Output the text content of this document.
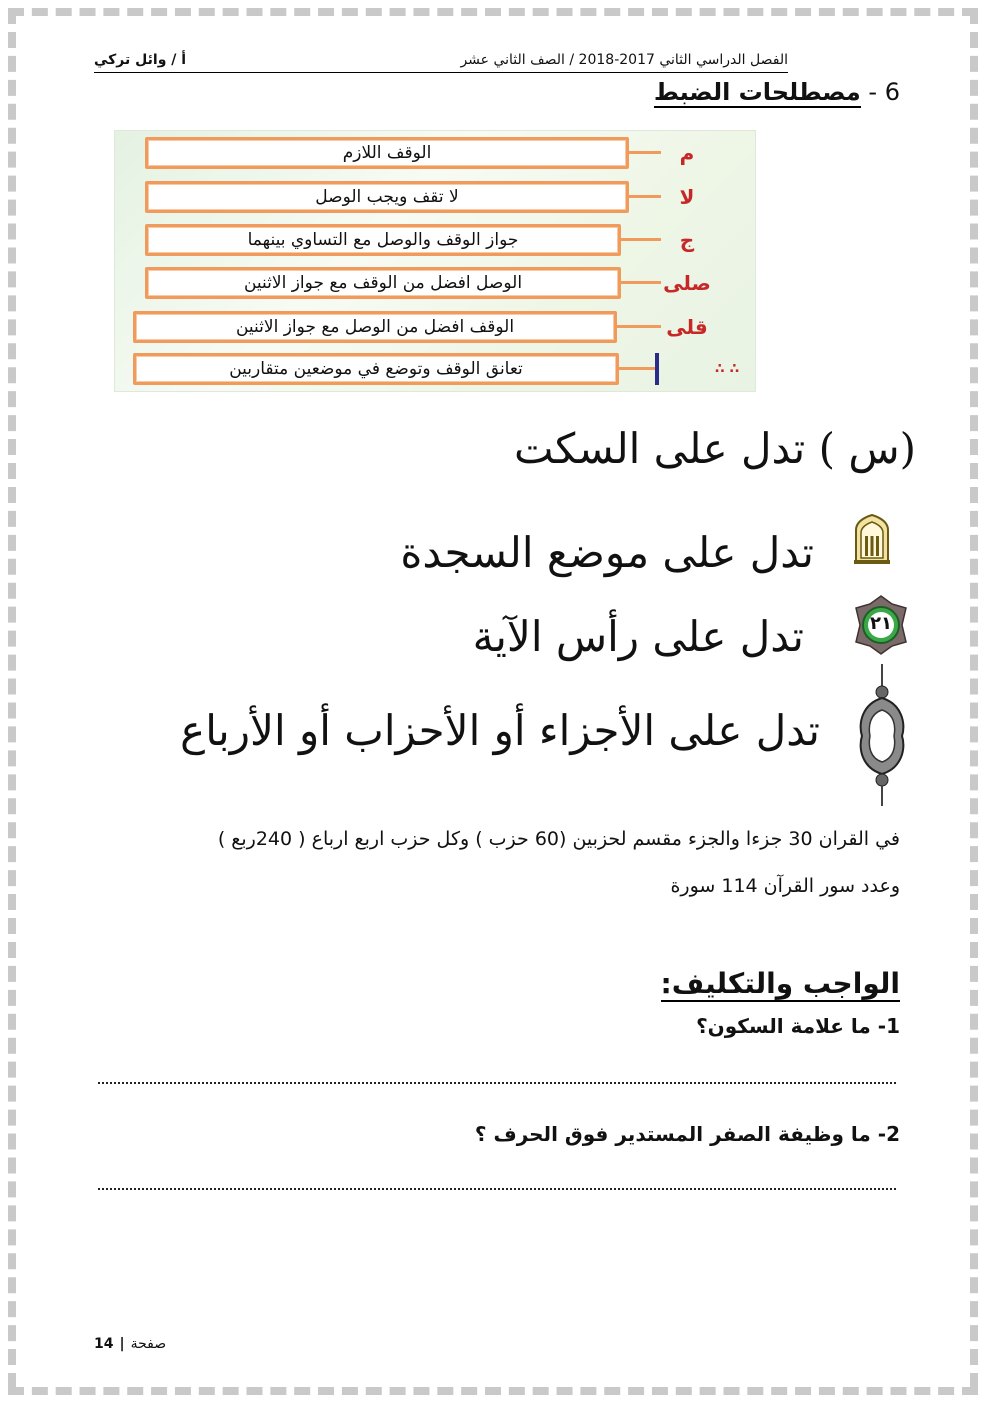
الفصل الدراسي الثاني 2017-2018 / الصف الثاني عشر
أ / وائل تركي
6 - مصطلحات الضبط
م
الوقف اللازم
لا
لا تقف ويجب الوصل
ج
جواز الوقف والوصل مع التساوي بينهما
صلى
الوصل افضل من الوقف مع جواز الاثنين
قلى
الوقف افضل من الوصل مع جواز الاثنين
∴ ∴
تعانق الوقف وتوضع في موضعين متقاربين
(س ) تدل على السكت
تدل على موضع السجدة
٢١
تدل على رأس الآية
تدل على الأجزاء أو الأحزاب أو الأرباع
في القران 30 جزءا والجزء مقسم لحزبين (60 حزب ) وكل حزب اربع ارباع ( 240ربع )
وعدد سور القرآن 114 سورة
الواجب والتكليف:
1- ما علامة السكون؟
2- ما وظيفة الصفر المستدير فوق الحرف ؟
14 | صفحة
